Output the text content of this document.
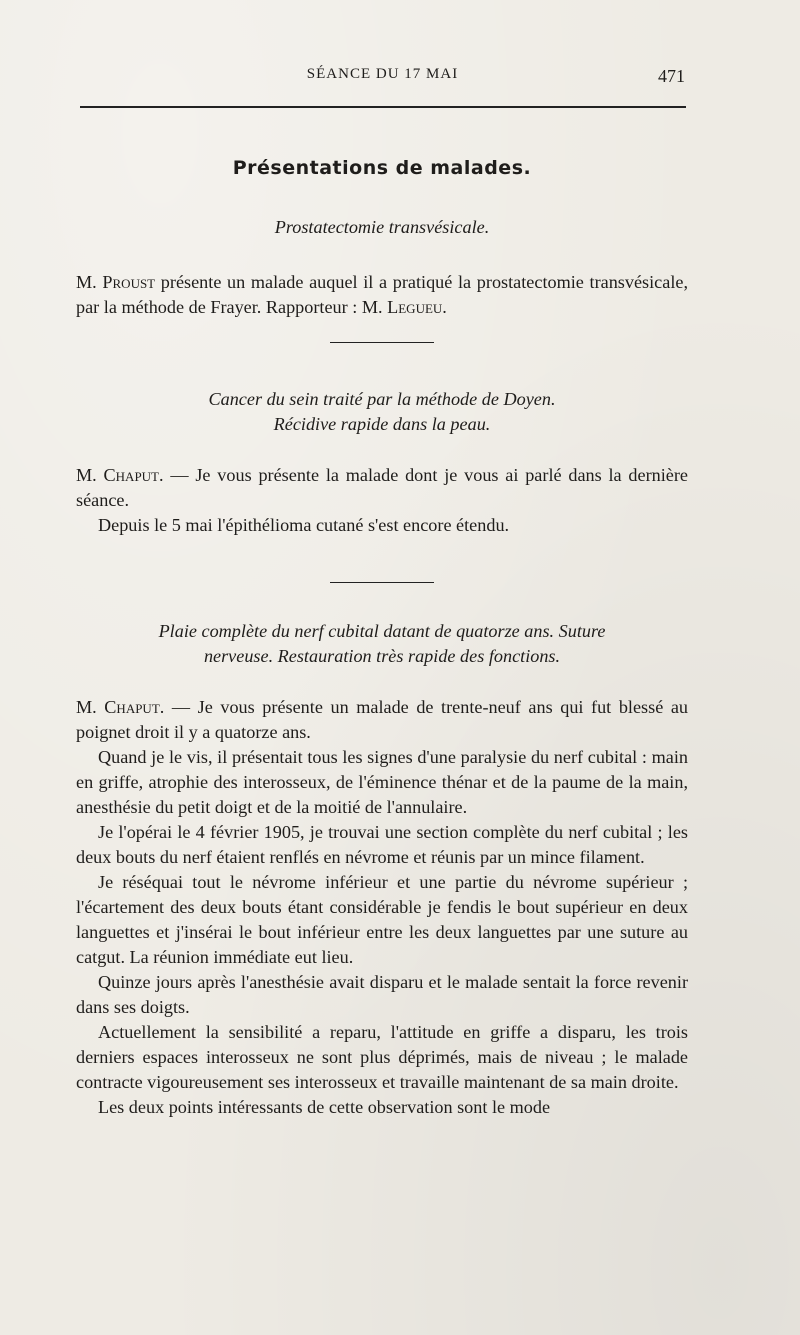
SÉANCE DU 17 MAI	471
Présentations de malades.
Prostatectomie transvésicale.

M. Proust présente un malade auquel il a pratiqué la prostatectomie transvésicale, par la méthode de Frayer. Rapporteur : M. Legueu.

Cancer du sein traité par la méthode de Doyen.
Récidive rapide dans la peau.

M. Chaput. — Je vous présente la malade dont je vous ai parlé dans la dernière séance.

Depuis le 5 mai l'épithélioma cutané s'est encore étendu.

Plaie complète du nerf cubital datant de quatorze ans. Suture
nerveuse. Restauration très rapide des fonctions.

M. Chaput. — Je vous présente un malade de trente-neuf ans qui fut blessé au poignet droit il y a quatorze ans.

Quand je le vis, il présentait tous les signes d'une paralysie du nerf cubital : main en griffe, atrophie des interosseux, de l'éminence thénar et de la paume de la main, anesthésie du petit doigt et de la moitié de l'annulaire.

Je l'opérai le 4 février 1905, je trouvai une section complète du nerf cubital ; les deux bouts du nerf étaient renflés en névrome et réunis par un mince filament.

Je réséquai tout le névrome inférieur et une partie du névrome supérieur ; l'écartement des deux bouts étant considérable je fendis le bout supérieur en deux languettes et j'insérai le bout inférieur entre les deux languettes par une suture au catgut. La réunion immédiate eut lieu.

Quinze jours après l'anesthésie avait disparu et le malade sentait la force revenir dans ses doigts.

Actuellement la sensibilité a reparu, l'attitude en griffe a disparu, les trois derniers espaces interosseux ne sont plus déprimés, mais de niveau ; le malade contracte vigoureusement ses interosseux et travaille maintenant de sa main droite.

Les deux points intéressants de cette observation sont le mode
